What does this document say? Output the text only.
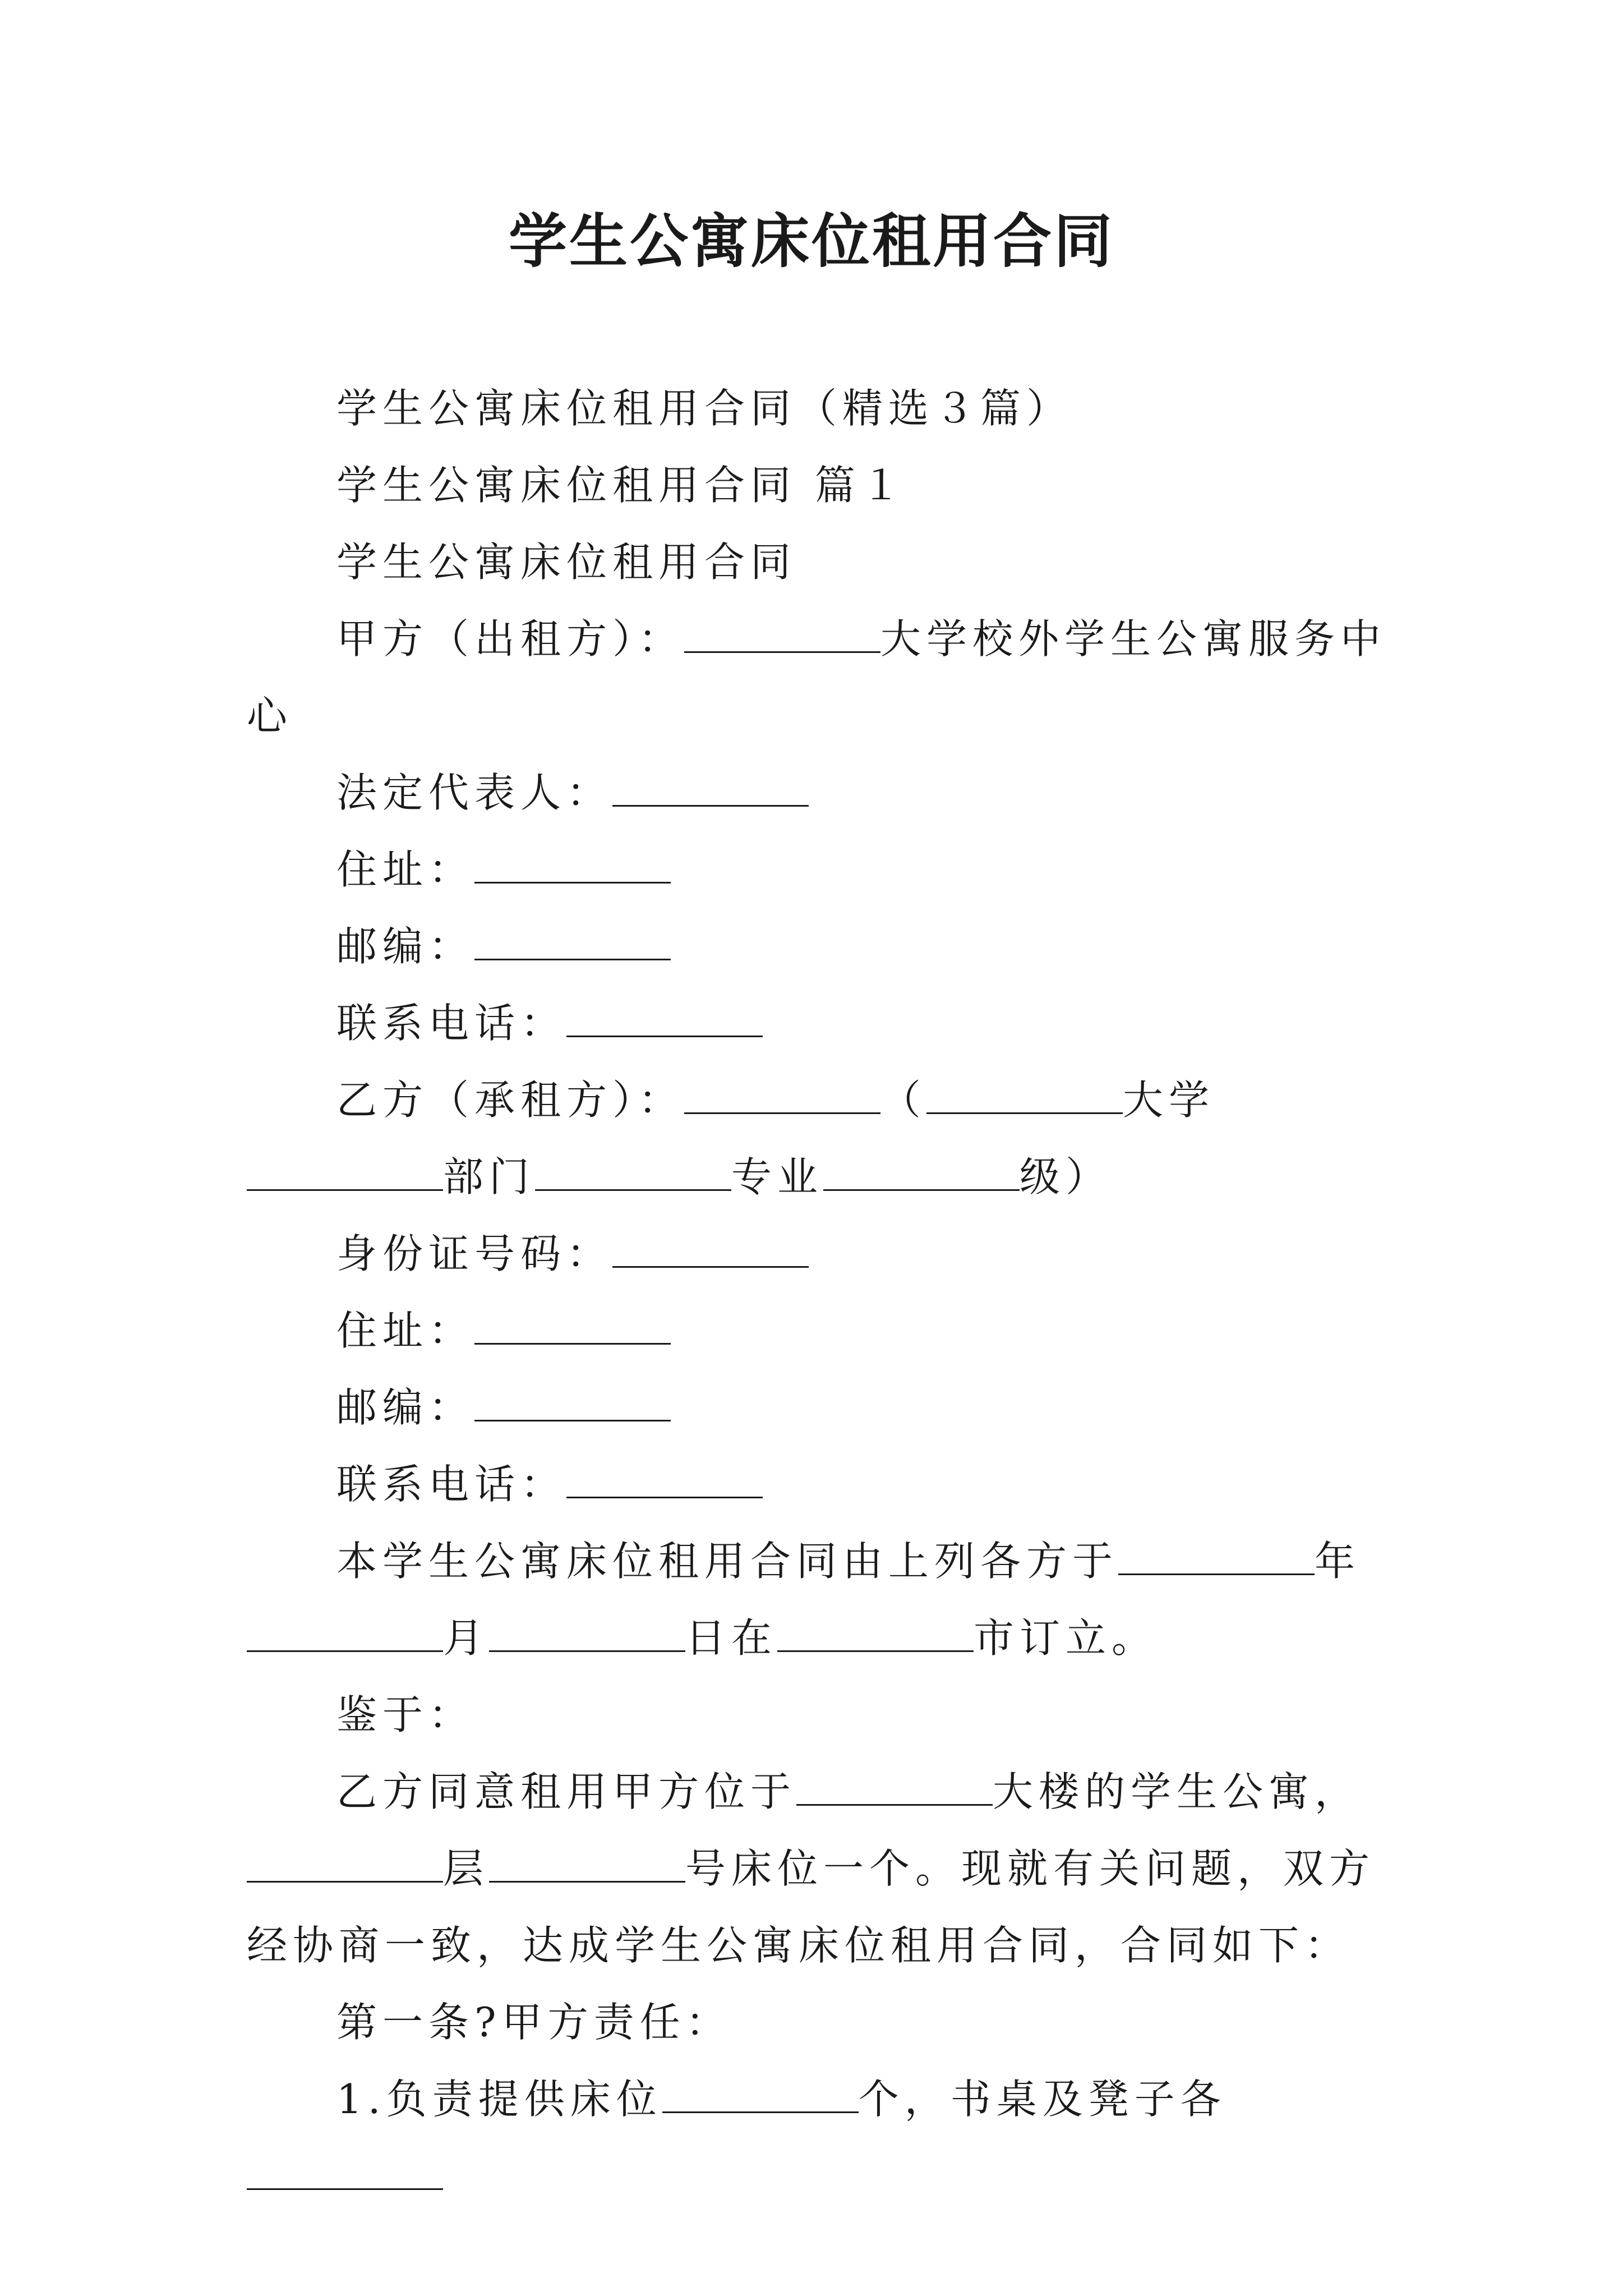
学生公寓床位租用合同

学生公寓床位租用合同（精选３篇）

学生公寓床位租用合同 篇１

学生公寓床位租用合同

甲方（出租方）：	大学校外学生公寓服务中心

法定代表人：

住址：

邮编：

联系电话：

乙方（承租方）：	（	大学部门	专业	级）

身份证号码：

住址：

邮编：

联系电话：

本学生公寓床位租用合同由上列各方于	年月	日在	市订立。

鉴于：

乙方同意租用甲方位于	大楼的学生公寓，层	号床位一个。现就有关问题，双方经协商一致，达成学生公寓床位租用合同，合同如下：

第一条?甲方责任：

1.负责提供床位	个，书桌及凳子各
